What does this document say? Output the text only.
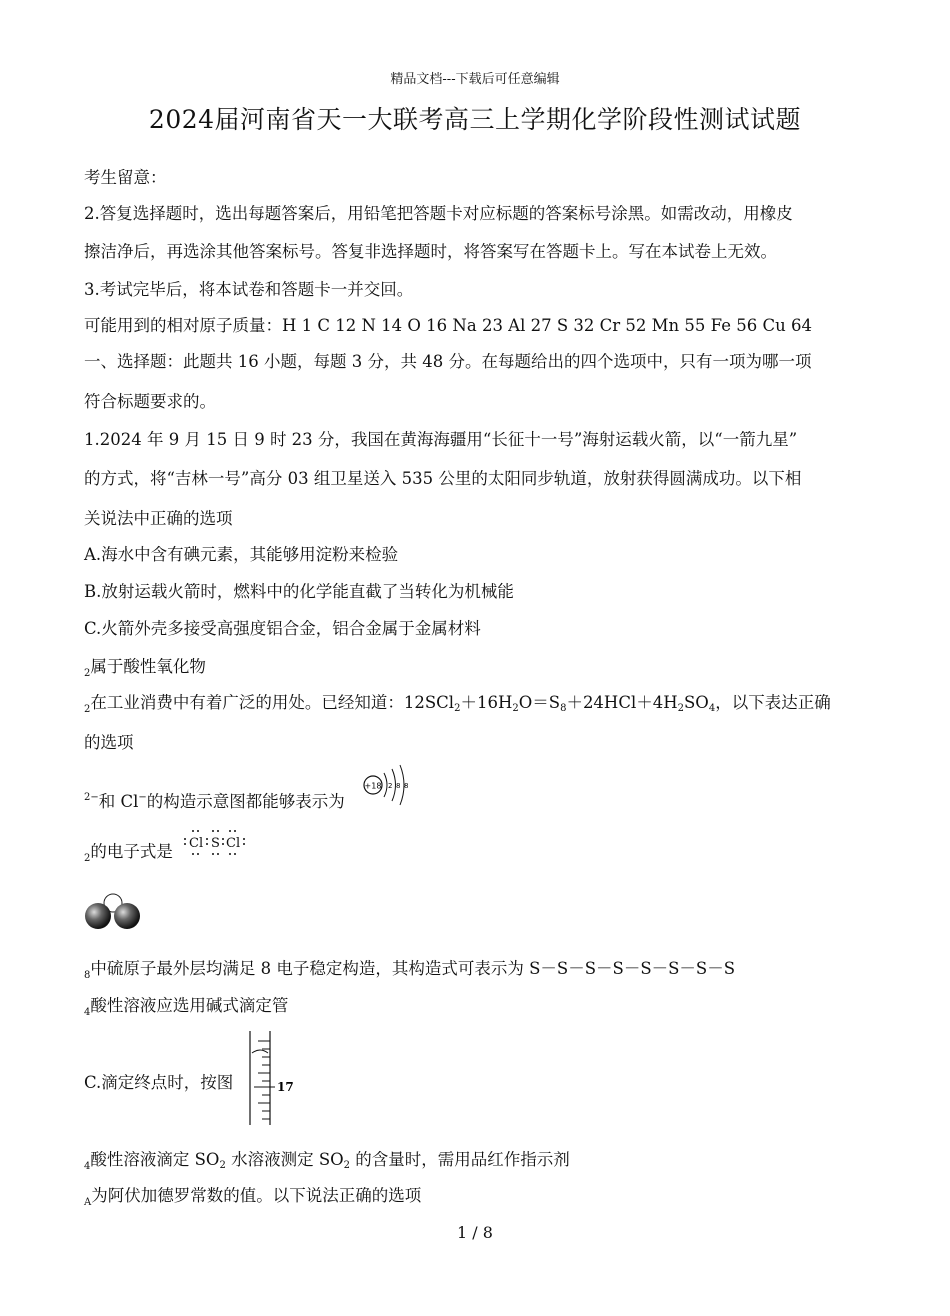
精品文档---下载后可任意编辑
2024届河南省天一大联考高三上学期化学阶段性测试试题
考生留意：
2.答复选择题时，选出每题答案后，用铅笔把答题卡对应标题的答案标号涂黑。如需改动，用橡皮
擦洁净后，再选涂其他答案标号。答复非选择题时，将答案写在答题卡上。写在本试卷上无效。
3.考试完毕后，将本试卷和答题卡一并交回。
可能用到的相对原子质量：H 1 C 12 N 14 O 16 Na 23 Al 27 S 32 Cr 52 Mn 55 Fe 56 Cu 64
一、选择题：此题共 16 小题，每题 3 分，共 48 分。在每题给出的四个选项中，只有一项为哪一项
符合标题要求的。
1.2024 年 9 月 15 日 9 时 23 分，我国在黄海海疆用“长征十一号”海射运载火箭，以“一箭九星”
的方式，将“吉林一号”高分 03 组卫星送入 535 公里的太阳同步轨道，放射获得圆满成功。以下相
关说法中正确的选项
A.海水中含有碘元素，其能够用淀粉来检验
B.放射运载火箭时，燃料中的化学能直截了当转化为机械能
C.火箭外壳多接受高强度铝合金，铝合金属于金属材料
2属于酸性氧化物
2在工业消费中有着广泛的用处。已经知道：$12SCl_2+16H_2O=S_8+24HCl+4H_2SO_4$，以下表达正确
的选项
$^{2-}$和 Cl−的构造示意图都能够表示为
+18 2 8 8
2的电子式是 Cl S Cl
8中硫原子最外层均满足 8 电子稳定构造，其构造式可表示为 S－S－S－S－S－S－S－S
4酸性溶液应选用碱式滴定管
C.滴定终点时，按图	17
4酸性溶液滴定 $SO_2$ 水溶液测定 $SO_2$ 的含量时，需用品红作指示剂
A为阿伏加德罗常数的值。以下说法正确的选项
1 / 8
